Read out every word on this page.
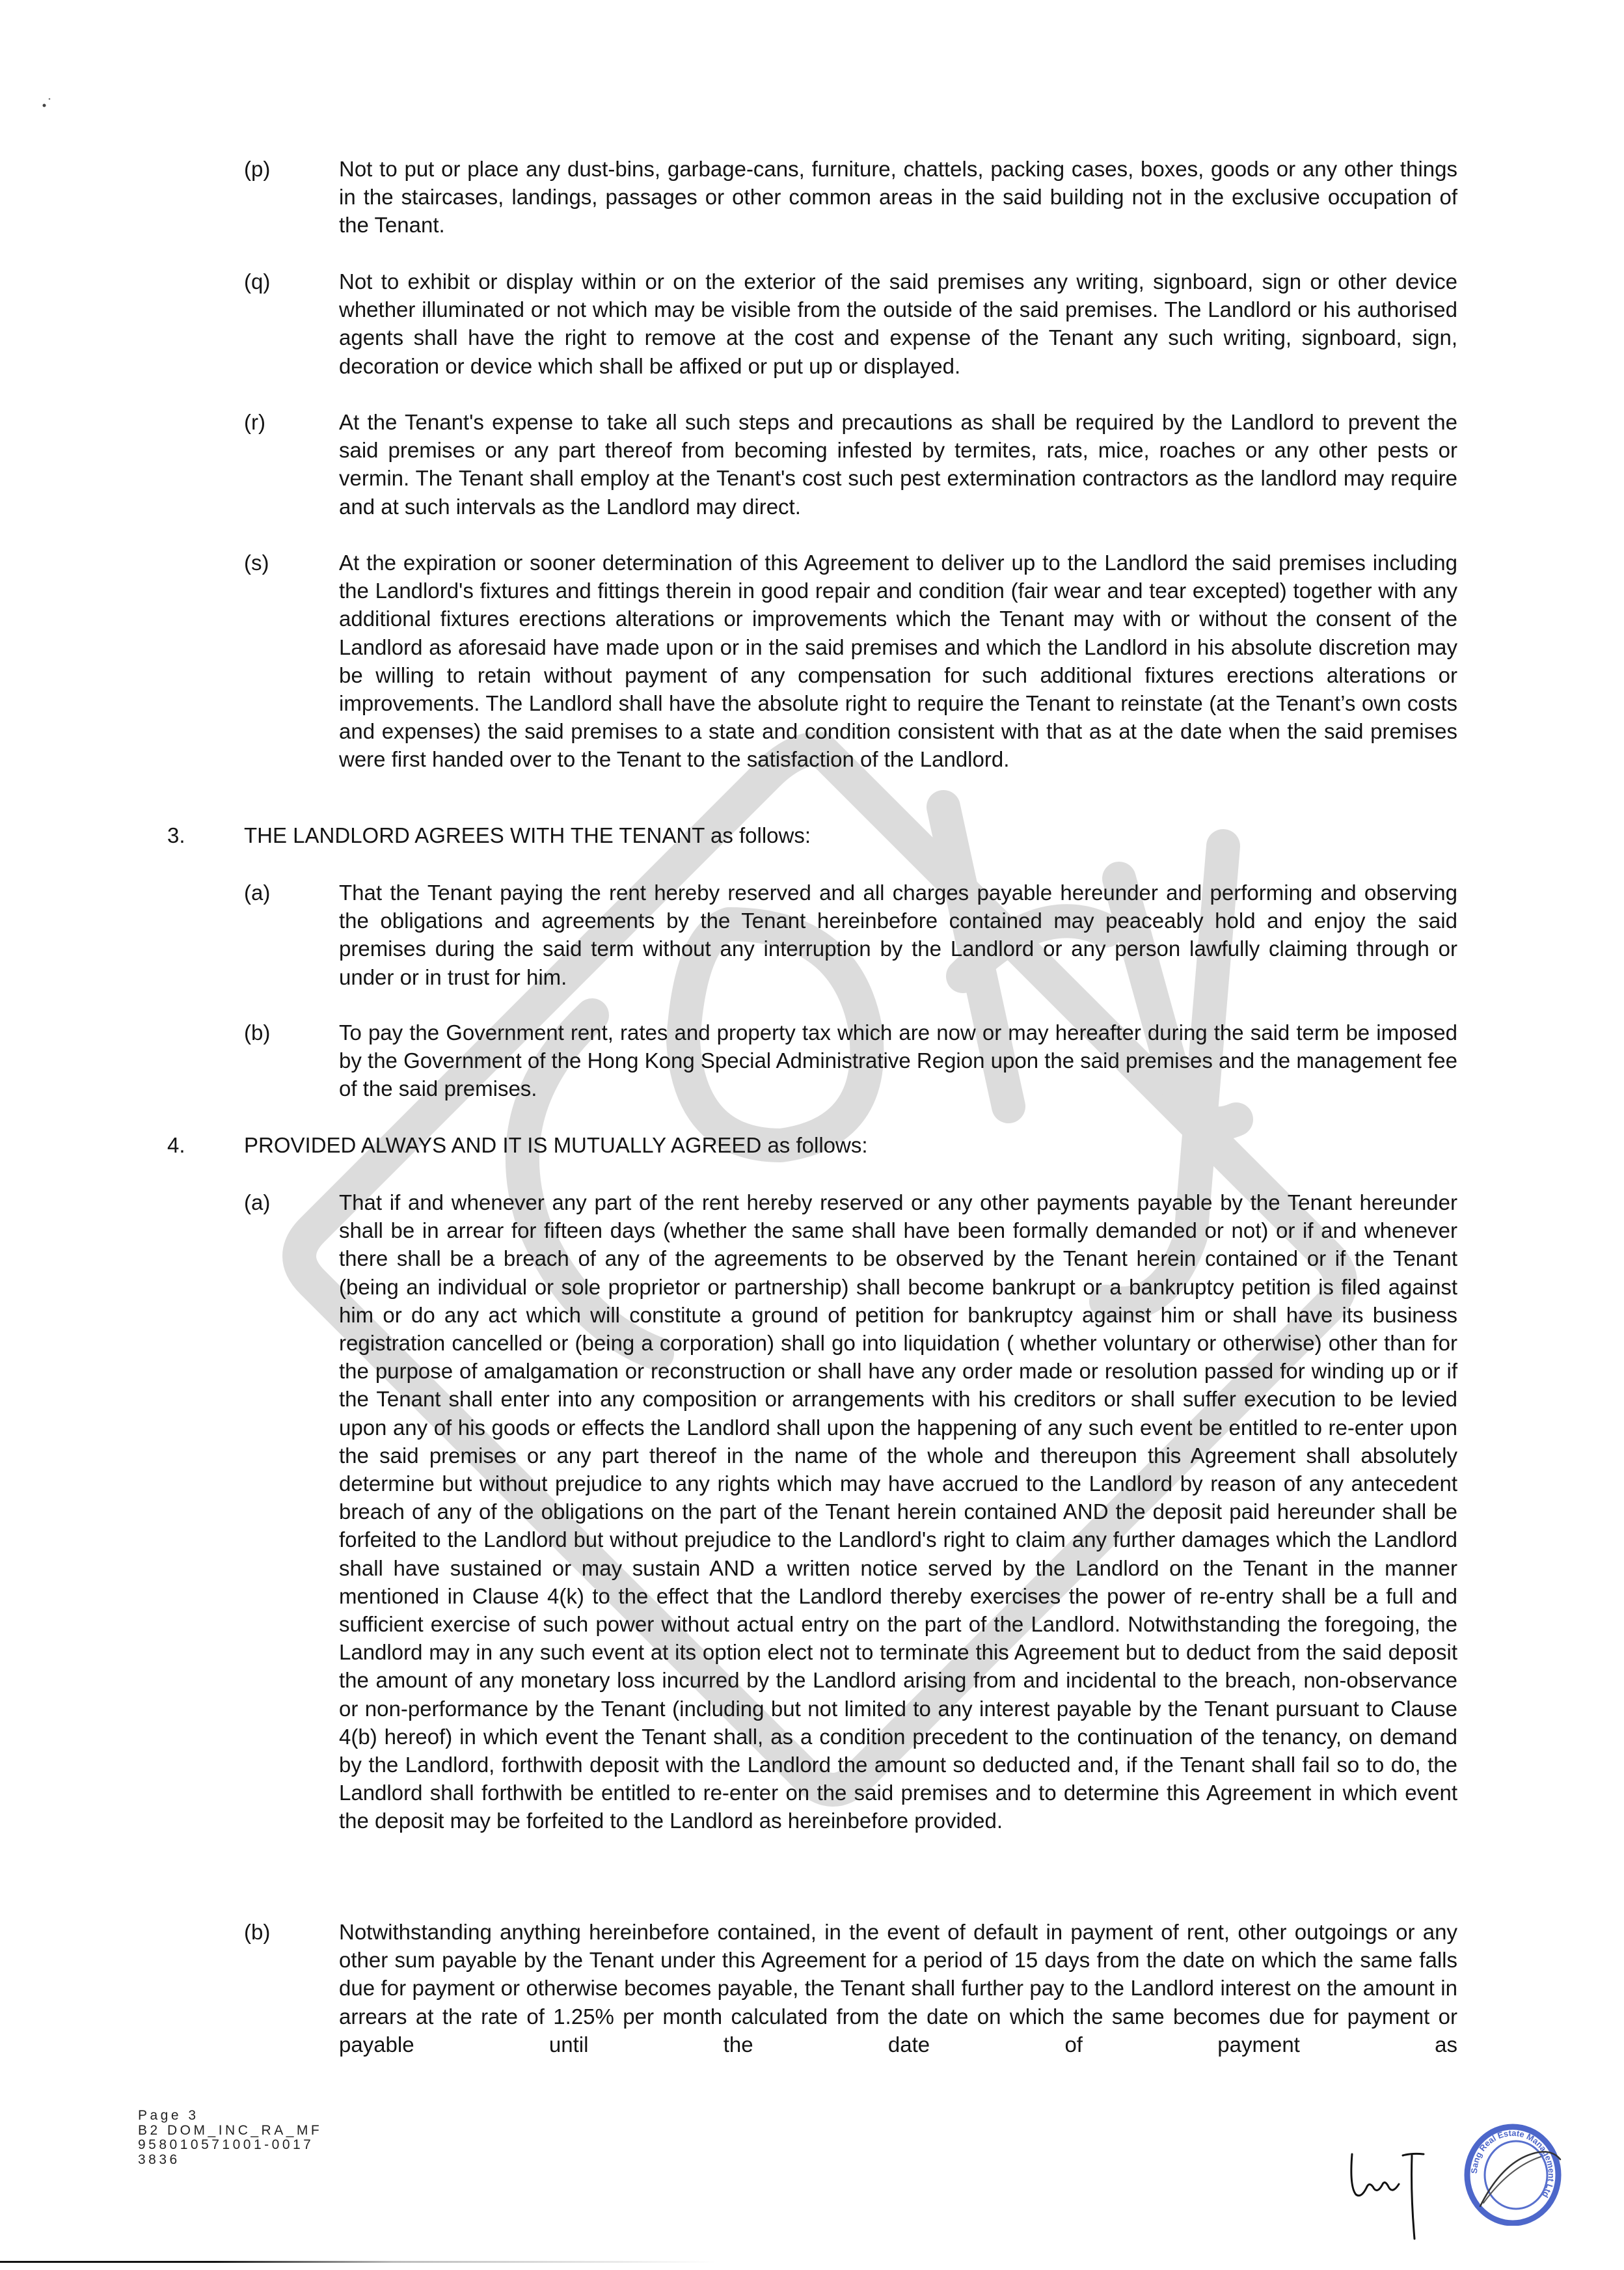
(p)	Not to put or place any dust-bins, garbage-cans, furniture, chattels, packing cases, boxes, goods or any other things in the staircases, landings, passages or other common areas in the said building not in the exclusive occupation of the Tenant.
(q)	Not to exhibit or display within or on the exterior of the said premises any writing, signboard, sign or other device whether illuminated or not which may be visible from the outside of the said premises. The Landlord or his authorised agents shall have the right to remove at the cost and expense of the Tenant any such writing, signboard, sign, decoration or device which shall be affixed or put up or displayed.
(r)	At the Tenant's expense to take all such steps and precautions as shall be required by the Landlord to prevent the said premises or any part thereof from becoming infested by termites, rats, mice, roaches or any other pests or vermin. The Tenant shall employ at the Tenant's cost such pest extermination contractors as the landlord may require and at such intervals as the Landlord may direct.
(s)	At the expiration or sooner determination of this Agreement to deliver up to the Landlord the said premises including the Landlord's fixtures and fittings therein in good repair and condition (fair wear and tear excepted) together with any additional fixtures erections alterations or improvements which the Tenant may with or without the consent of the Landlord as aforesaid have made upon or in the said premises and which the Landlord in his absolute discretion may be willing to retain without payment of any compensation for such additional fixtures erections alterations or improvements. The Landlord shall have the absolute right to require the Tenant to reinstate (at the Tenant’s own costs and expenses) the said premises to a state and condition consistent with that as at the date when the said premises were first handed over to the Tenant to the satisfaction of the Landlord.
3.	THE LANDLORD AGREES WITH THE TENANT as follows:
(a)	That the Tenant paying the rent hereby reserved and all charges payable hereunder and performing and observing the obligations and agreements by the Tenant hereinbefore contained may peaceably hold and enjoy the said premises during the said term without any interruption by the Landlord or any person lawfully claiming through or under or in trust for him.
(b)	To pay the Government rent, rates and property tax which are now or may hereafter during the said term be imposed by the Government of the Hong Kong Special Administrative Region upon the said premises and the management fee of the said premises.
4.	PROVIDED ALWAYS AND IT IS MUTUALLY AGREED as follows:
(a)	That if and whenever any part of the rent hereby reserved or any other payments payable by the Tenant hereunder shall be in arrear for fifteen days (whether the same shall have been formally demanded or not) or if and whenever there shall be a breach of any of the agreements to be observed by the Tenant herein contained or if the Tenant (being an individual or sole proprietor or partnership) shall become bankrupt or a bankruptcy petition is filed against him or do any act which will constitute a ground of petition for bankruptcy against him or shall have its business registration cancelled or (being a corporation) shall go into liquidation ( whether voluntary or otherwise) other than for the purpose of amalgamation or reconstruction or shall have any order made or resolution passed for winding up or if the Tenant shall enter into any composition or arrangements with his creditors or shall suffer execution to be levied upon any of his goods or effects the Landlord shall upon the happening of any such event be entitled to re-enter upon the said premises or any part thereof in the name of the whole and thereupon this Agreement shall absolutely determine but without prejudice to any rights which may have accrued to the Landlord by reason of any antecedent breach of any of the obligations on the part of the Tenant herein contained AND the deposit paid hereunder shall be forfeited to the Landlord but without prejudice to the Landlord's right to claim any further damages which the Landlord shall have sustained or may sustain AND a written notice served by the Landlord on the Tenant in the manner mentioned in Clause 4(k) to the effect that the Landlord thereby exercises the power of re-entry shall be a full and sufficient exercise of such power without actual entry on the part of the Landlord. Notwithstanding the foregoing, the Landlord may in any such event at its option elect not to terminate this Agreement but to deduct from the said deposit the amount of any monetary loss incurred by the Landlord arising from and incidental to the breach, non-observance or non-performance by the Tenant (including but not limited to any interest payable by the Tenant pursuant to Clause 4(b) hereof) in which event the Tenant shall, as a condition precedent to the continuation of the tenancy, on demand by the Landlord, forthwith deposit with the Landlord the amount so deducted and, if the Tenant shall fail so to do, the Landlord shall forthwith be entitled to re-enter on the said premises and to determine this Agreement in which event the deposit may be forfeited to the Landlord as hereinbefore provided.
(b)	Notwithstanding anything hereinbefore contained, in the event of default in payment of rent, other outgoings or any other sum payable by the Tenant under this Agreement for a period of 15 days from the date on which the same falls due for payment or otherwise becomes payable, the Tenant shall further pay to the Landlord interest on the amount in arrears at the rate of 1.25% per month calculated from the date on which the same becomes due for payment or payable until the date of payment as
Page 3
B2 DOM_INC_RA_MF
958010571001-0017
3836
Sang Real Estate Management Ltd
